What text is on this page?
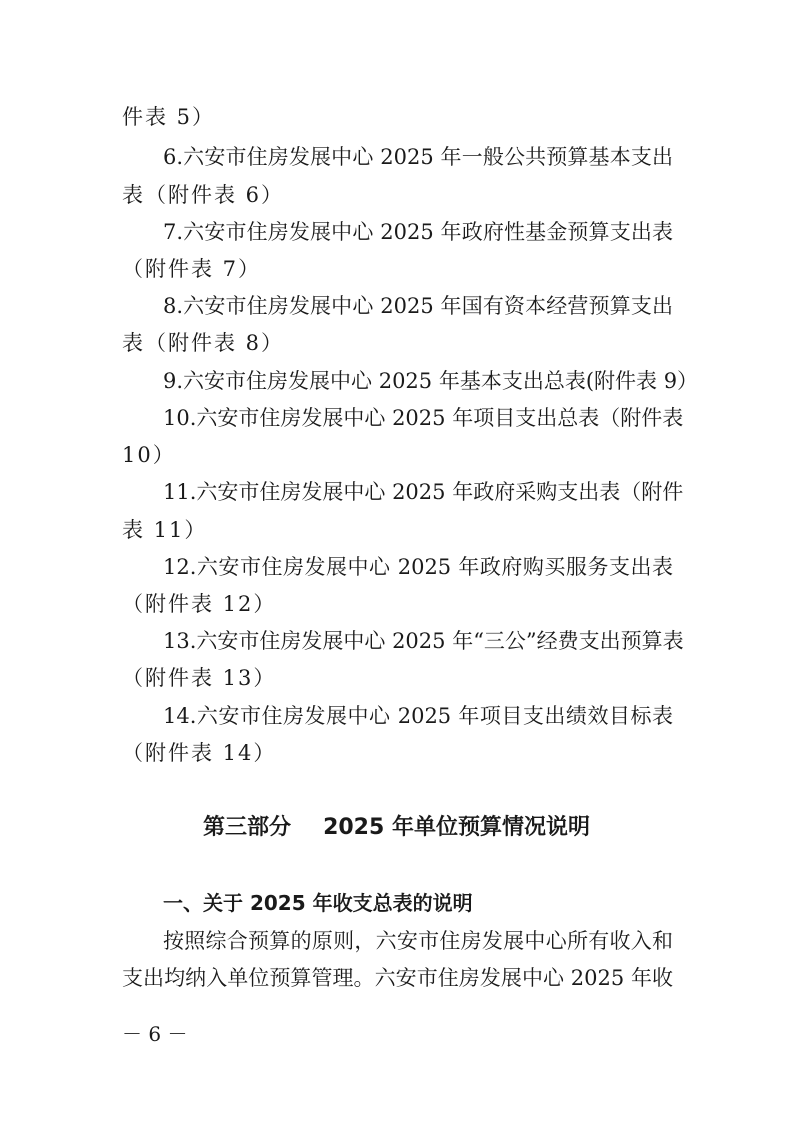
件表 5）
6.六安市住房发展中心 2025 年一般公共预算基本支出
表（附件表 6）
7.六安市住房发展中心 2025 年政府性基金预算支出表
（附件表 7）
8.六安市住房发展中心 2025 年国有资本经营预算支出
表（附件表 8）
9.六安市住房发展中心 2025 年基本支出总表(附件表 9）
10.六安市住房发展中心 2025 年项目支出总表（附件表
10）
11.六安市住房发展中心 2025 年政府采购支出表（附件
表 11）
12.六安市住房发展中心 2025 年政府购买服务支出表
（附件表 12）
13.六安市住房发展中心 2025 年“三公”经费支出预算表
（附件表 13）
14.六安市住房发展中心 2025 年项目支出绩效目标表
（附件表 14）
第三部分 2025 年单位预算情况说明
一、关于 2025 年收支总表的说明
按照综合预算的原则，六安市住房发展中心所有收入和
支出均纳入单位预算管理。六安市住房发展中心 2025 年收
－ 6 －
